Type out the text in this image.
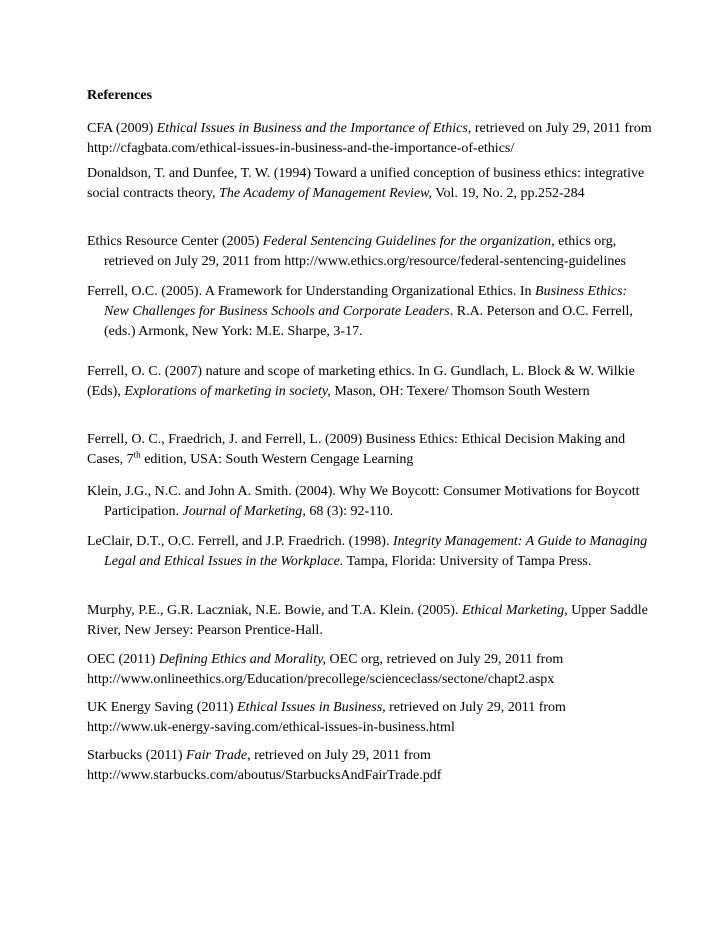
References

CFA (2009) Ethical Issues in Business and the Importance of Ethics, retrieved on July 29, 2011 from http://cfagbata.com/ethical-issues-in-business-and-the-importance-of-ethics/

Donaldson, T. and Dunfee, T. W. (1994) Toward a unified conception of business ethics: integrative social contracts theory, The Academy of Management Review, Vol. 19, No. 2, pp.252-284

Ethics Resource Center (2005) Federal Sentencing Guidelines for the organization, ethics org, retrieved on July 29, 2011 from http://www.ethics.org/resource/federal-sentencing-guidelines

Ferrell, O.C. (2005). A Framework for Understanding Organizational Ethics. In Business Ethics: New Challenges for Business Schools and Corporate Leaders. R.A. Peterson and O.C. Ferrell, (eds.) Armonk, New York: M.E. Sharpe, 3-17.

Ferrell, O. C. (2007) nature and scope of marketing ethics. In G. Gundlach, L. Block & W. Wilkie (Eds), Explorations of marketing in society, Mason, OH: Texere/ Thomson South Western

Ferrell, O. C., Fraedrich, J. and Ferrell, L. (2009) Business Ethics: Ethical Decision Making and Cases, 7th edition, USA: South Western Cengage Learning

Klein, J.G., N.C. and John A. Smith. (2004). Why We Boycott: Consumer Motivations for Boycott Participation. Journal of Marketing, 68 (3): 92-110.

LeClair, D.T., O.C. Ferrell, and J.P. Fraedrich. (1998). Integrity Management: A Guide to Managing Legal and Ethical Issues in the Workplace. Tampa, Florida: University of Tampa Press.

Murphy, P.E., G.R. Laczniak, N.E. Bowie, and T.A. Klein. (2005). Ethical Marketing, Upper Saddle River, New Jersey: Pearson Prentice-Hall.

OEC (2011) Defining Ethics and Morality, OEC org, retrieved on July 29, 2011 from http://www.onlineethics.org/Education/precollege/scienceclass/sectone/chapt2.aspx

UK Energy Saving (2011) Ethical Issues in Business, retrieved on July 29, 2011 from http://www.uk-energy-saving.com/ethical-issues-in-business.html

Starbucks (2011) Fair Trade, retrieved on July 29, 2011 from http://www.starbucks.com/aboutus/StarbucksAndFairTrade.pdf
